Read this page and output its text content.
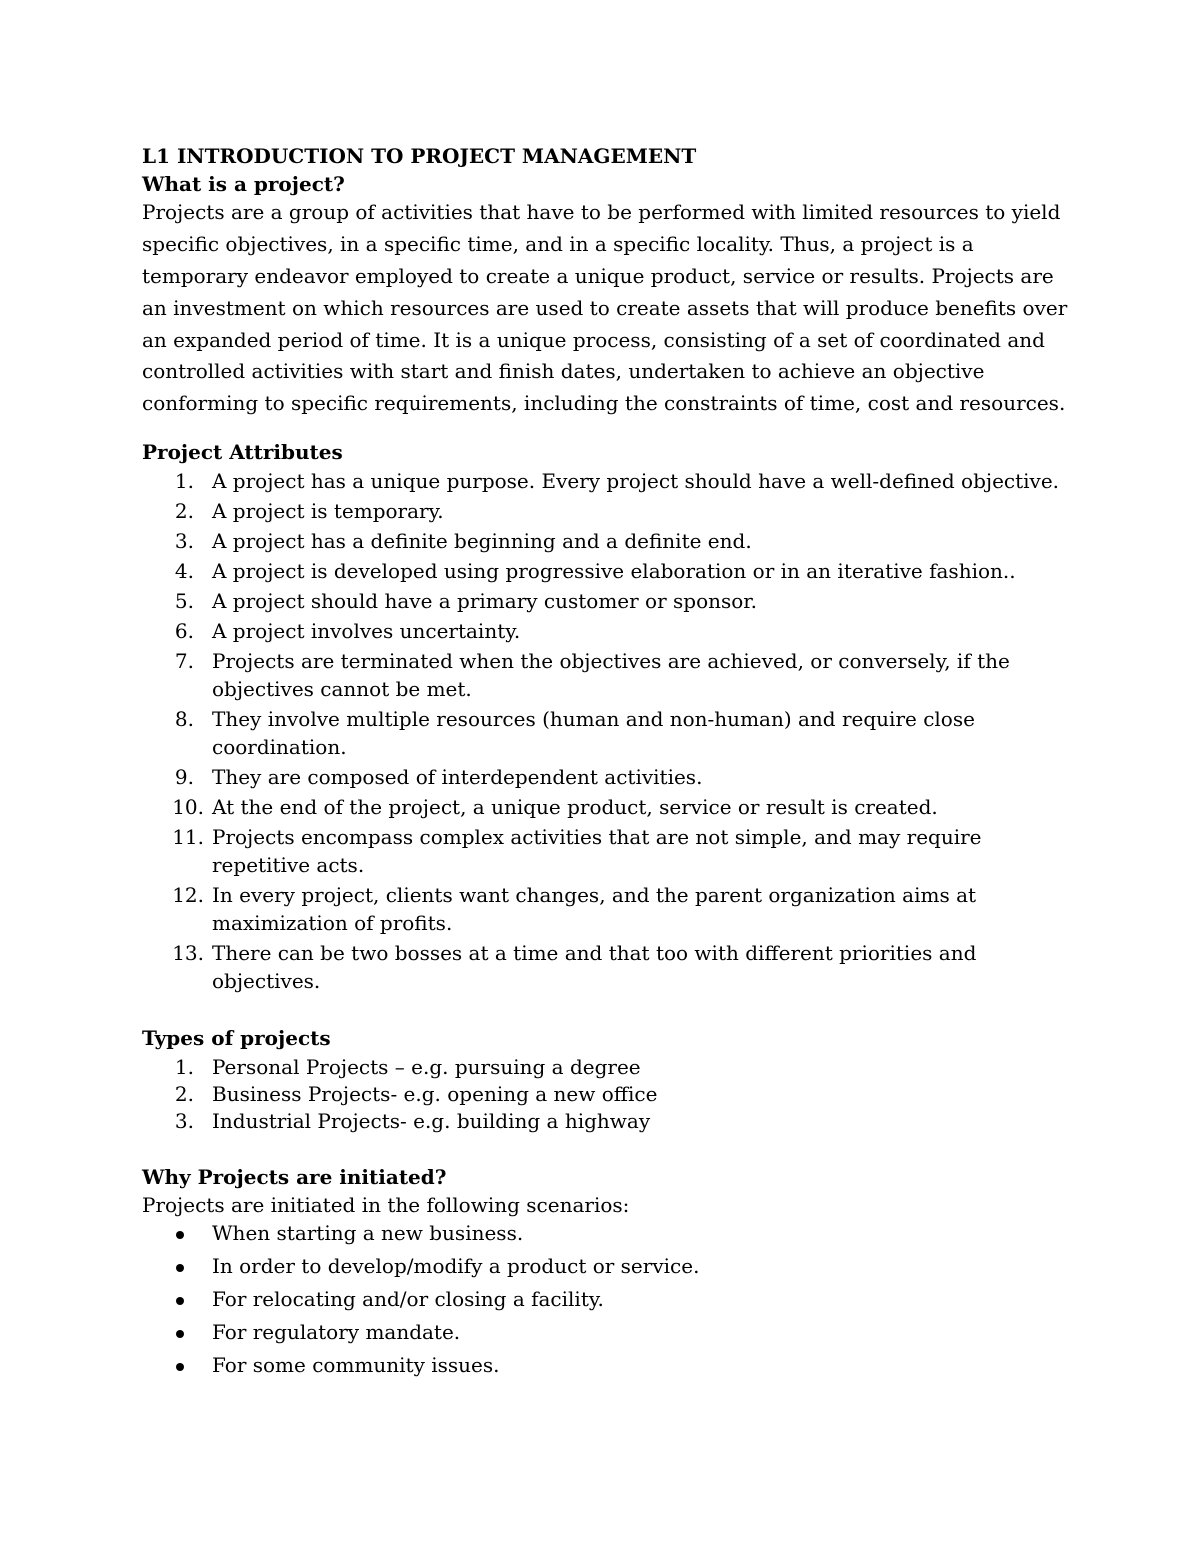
L1 INTRODUCTION TO PROJECT MANAGEMENT
What is a project?
Projects are a group of activities that have to be performed with limited resources to yield
specific objectives, in a specific time, and in a specific locality. Thus, a project is a
temporary endeavor employed to create a unique product, service or results. Projects are
an investment on which resources are used to create assets that will produce benefits over
an expanded period of time. It is a unique process, consisting of a set of coordinated and
controlled activities with start and finish dates, undertaken to achieve an objective
conforming to specific requirements, including the constraints of time, cost and resources.
Project Attributes
1. A project has a unique purpose. Every project should have a well-defined objective.
2. A project is temporary.
3. A project has a definite beginning and a definite end.
4. A project is developed using progressive elaboration or in an iterative fashion..
5. A project should have a primary customer or sponsor.
6. A project involves uncertainty.
7. Projects are terminated when the objectives are achieved, or conversely, if the
objectives cannot be met.
8. They involve multiple resources (human and non-human) and require close
coordination.
9. They are composed of interdependent activities.
10. At the end of the project, a unique product, service or result is created.
11. Projects encompass complex activities that are not simple, and may require
repetitive acts.
12. In every project, clients want changes, and the parent organization aims at
maximization of profits.
13. There can be two bosses at a time and that too with different priorities and
objectives.
Types of projects
1. Personal Projects – e.g. pursuing a degree
2. Business Projects- e.g. opening a new office
3. Industrial Projects- e.g. building a highway
Why Projects are initiated?
Projects are initiated in the following scenarios:
When starting a new business.
In order to develop/modify a product or service.
For relocating and/or closing a facility.
For regulatory mandate.
For some community issues.
